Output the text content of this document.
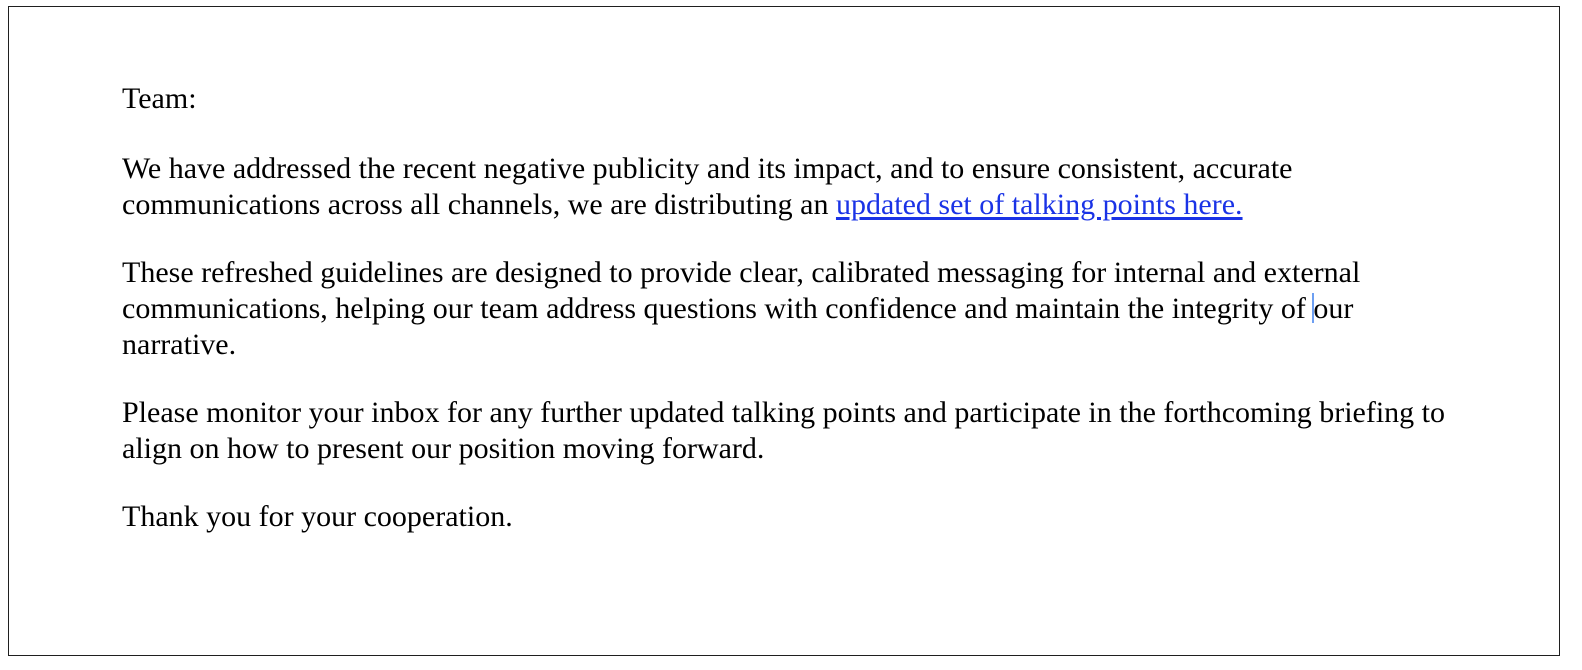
Team:

We have addressed the recent negative publicity and its impact, and to ensure consistent, accurate communications across all channels, we are distributing an updated set of talking points here.

These refreshed guidelines are designed to provide clear, calibrated messaging for internal and external communications, helping our team address questions with confidence and maintain the integrity of our narrative.

Please monitor your inbox for any further updated talking points and participate in the forthcoming briefing to align on how to present our position moving forward.

Thank you for your cooperation.
